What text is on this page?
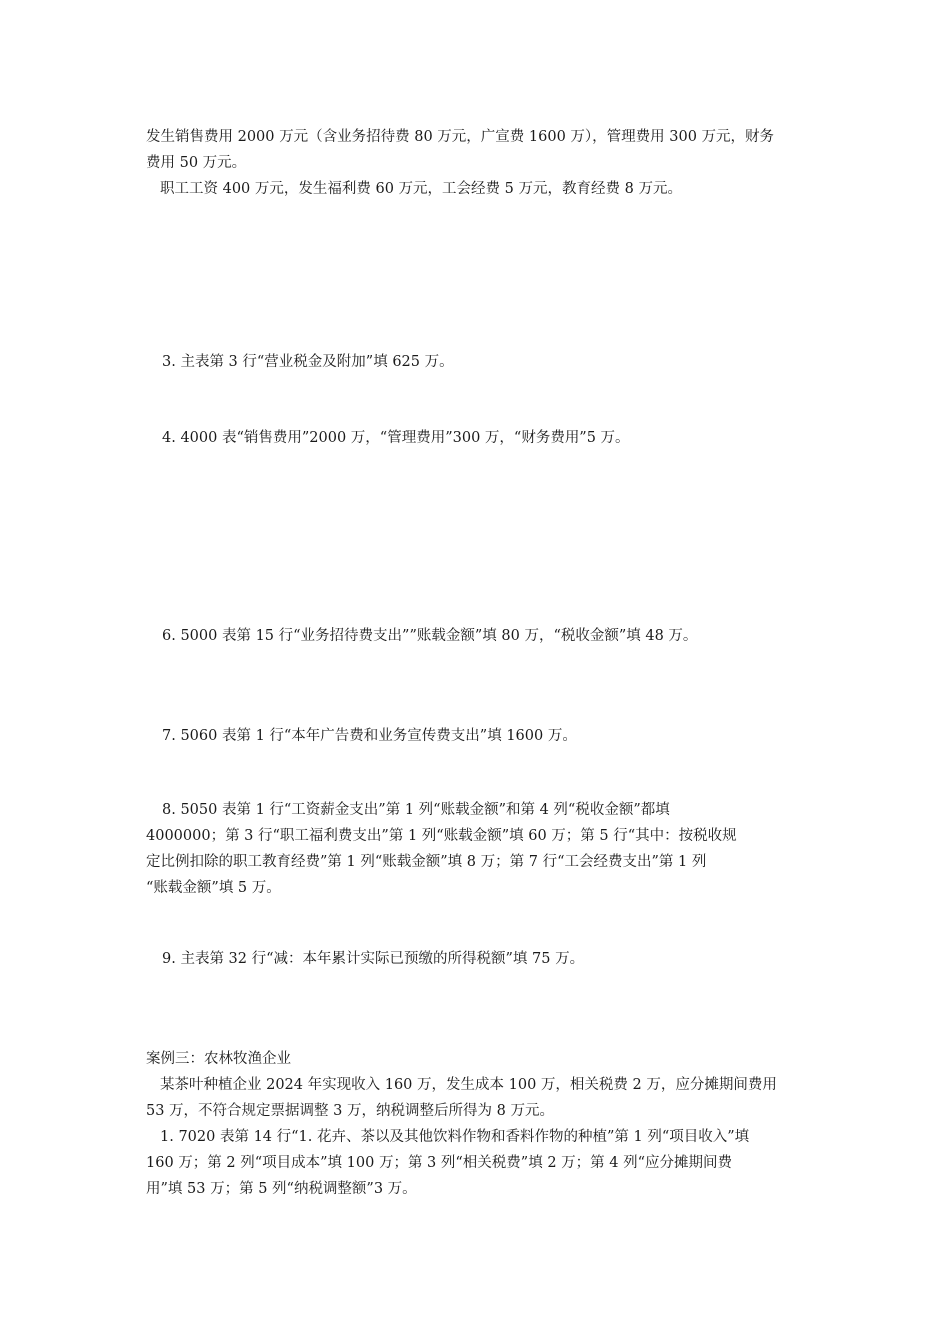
发生销售费用 2000 万元（含业务招待费 80 万元，广宣费 1600 万），管理费用 300 万元，财务
费用 50 万元。
职工工资 400 万元，发生福利费 60 万元，工会经费 5 万元，教育经费 8 万元。
3. 主表第 3 行“营业税金及附加”填 625 万。
4. 4000 表“销售费用”2000 万，“管理费用”300 万，“财务费用”5 万。
6. 5000 表第 15 行“业务招待费支出””账载金额”填 80 万，“税收金额”填 48 万。
7. 5060 表第 1 行“本年广告费和业务宣传费支出”填 1600 万。
8. 5050 表第 1 行“工资薪金支出”第 1 列“账载金额”和第 4 列“税收金额”都填
4000000；第 3 行“职工福利费支出”第 1 列“账载金额”填 60 万；第 5 行“其中：按税收规
定比例扣除的职工教育经费”第 1 列“账载金额”填 8 万；第 7 行“工会经费支出”第 1 列
“账载金额”填 5 万。
9. 主表第 32 行“减：本年累计实际已预缴的所得税额”填 75 万。
案例三：农林牧渔企业
某茶叶种植企业 2024 年实现收入 160 万，发生成本 100 万，相关税费 2 万，应分摊期间费用
53 万，不符合规定票据调整 3 万，纳税调整后所得为 8 万元。
1. 7020 表第 14 行“1. 花卉、茶以及其他饮料作物和香料作物的种植”第 1 列“项目收入”填
160 万；第 2 列“项目成本”填 100 万；第 3 列“相关税费”填 2 万；第 4 列“应分摊期间费
用”填 53 万；第 5 列“纳税调整额”3 万。
